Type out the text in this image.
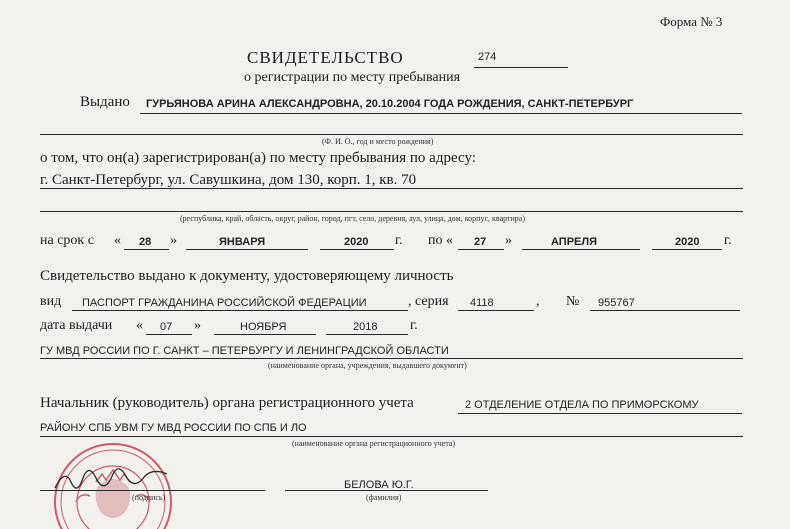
Форма № 3
СВИДЕТЕЛЬСТВО	274
о регистрации по месту пребывания
Выдано ГУРЬЯНОВА АРИНА АЛЕКСАНДРОВНА, 20.10.2004 ГОДА РОЖДЕНИЯ, САНКТ-ПЕТЕРБУРГ
(Ф. И. О., год и место рождения)
о том, что он(а) зарегистрирован(а) по месту пребывания по адресу:
г. Санкт-Петербург, ул. Савушкина, дом 130, корп. 1, кв. 70
(республика, край, область, округ, район, город, пгт, село, деревня, аул, улица, дом, корпус, квартира)
на срок с « 28 »	ЯНВАРЯ	2020 г. по « 27 »	АПРЕЛЯ	2020 г.
Свидетельство выдано к документу, удостоверяющему личность
вид ПАСПОРТ ГРАЖДАНИНА РОССИЙСКОЙ ФЕДЕРАЦИИ	, серия 4118	, № 955767
дата выдачи « 07 »	НОЯБРЯ	2018 г.
ГУ МВД РОССИИ ПО Г. САНКТ – ПЕТЕРБУРГУ И ЛЕНИНГРАДСКОЙ ОБЛАСТИ
(наименование органа, учреждения, выдавшего документ)
Начальник (руководитель) органа регистрационного учета	2 ОТДЕЛЕНИЕ ОТДЕЛА ПО ПРИМОРСКОМУ
РАЙОНУ СПБ УВМ ГУ МВД РОССИИ ПО СПБ И ЛО
(наименование органа регистрационного учета)
(подпись)
БЕЛОВА Ю.Г.
(фамилия)
